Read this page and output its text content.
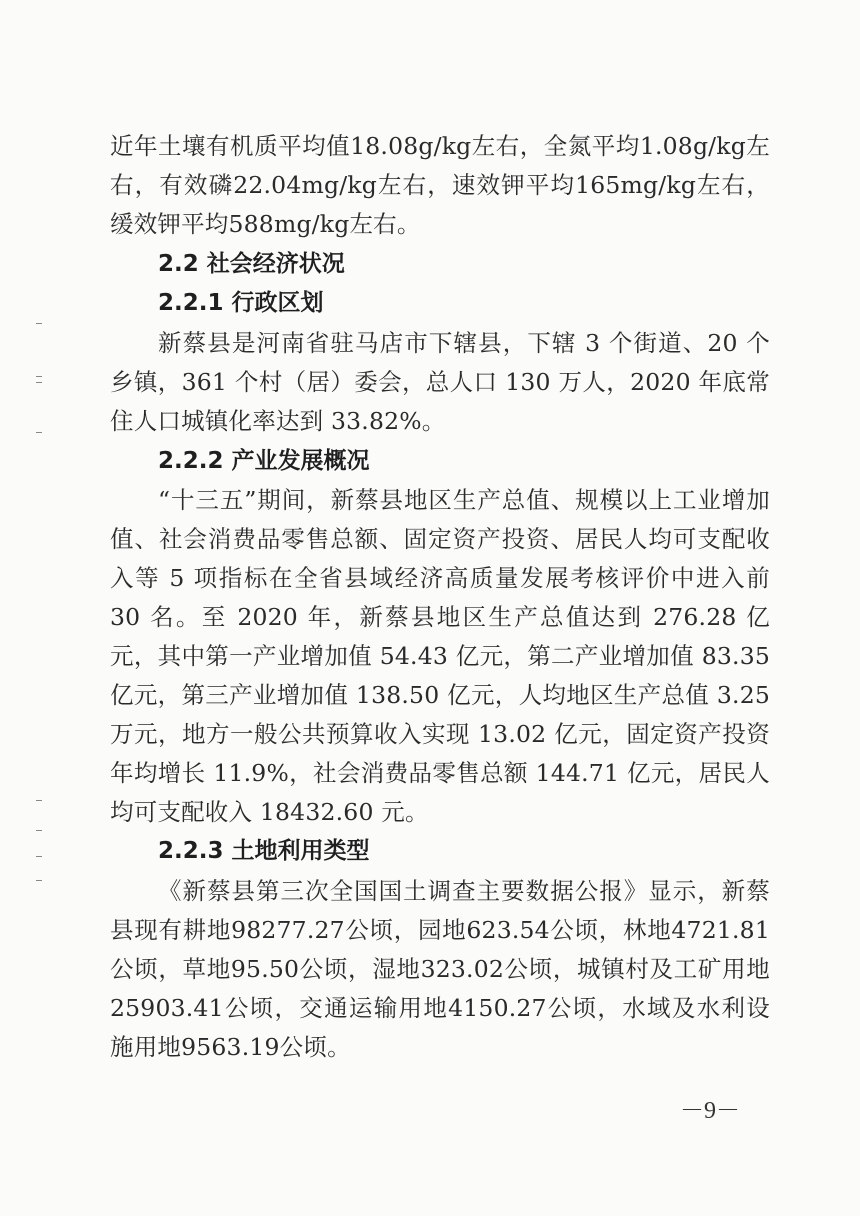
近年土壤有机质平均值18.08g/kg左右，全氮平均1.08g/kg左右，有效磷22.04mg/kg左右，速效钾平均165mg/kg左右，缓效钾平均588mg/kg左右。

2.2 社会经济状况

2.2.1 行政区划

新蔡县是河南省驻马店市下辖县，下辖 3 个街道、20 个乡镇，361 个村（居）委会，总人口 130 万人，2020 年底常住人口城镇化率达到 33.82%。

2.2.2 产业发展概况

“十三五”期间，新蔡县地区生产总值、规模以上工业增加值、社会消费品零售总额、固定资产投资、居民人均可支配收入等 5 项指标在全省县域经济高质量发展考核评价中进入前 30 名。至 2020 年，新蔡县地区生产总值达到 276.28 亿元，其中第一产业增加值 54.43 亿元，第二产业增加值 83.35 亿元，第三产业增加值 138.50 亿元，人均地区生产总值 3.25 万元，地方一般公共预算收入实现 13.02 亿元，固定资产投资年均增长 11.9%，社会消费品零售总额 144.71 亿元，居民人均可支配收入 18432.60 元。

2.2.3 土地利用类型

《新蔡县第三次全国国土调查主要数据公报》显示，新蔡县现有耕地98277.27公顷，园地623.54公顷，林地4721.81公顷，草地95.50公顷，湿地323.02公顷，城镇村及工矿用地25903.41公顷，交通运输用地4150.27公顷，水域及水利设施用地9563.19公顷。

－9－
